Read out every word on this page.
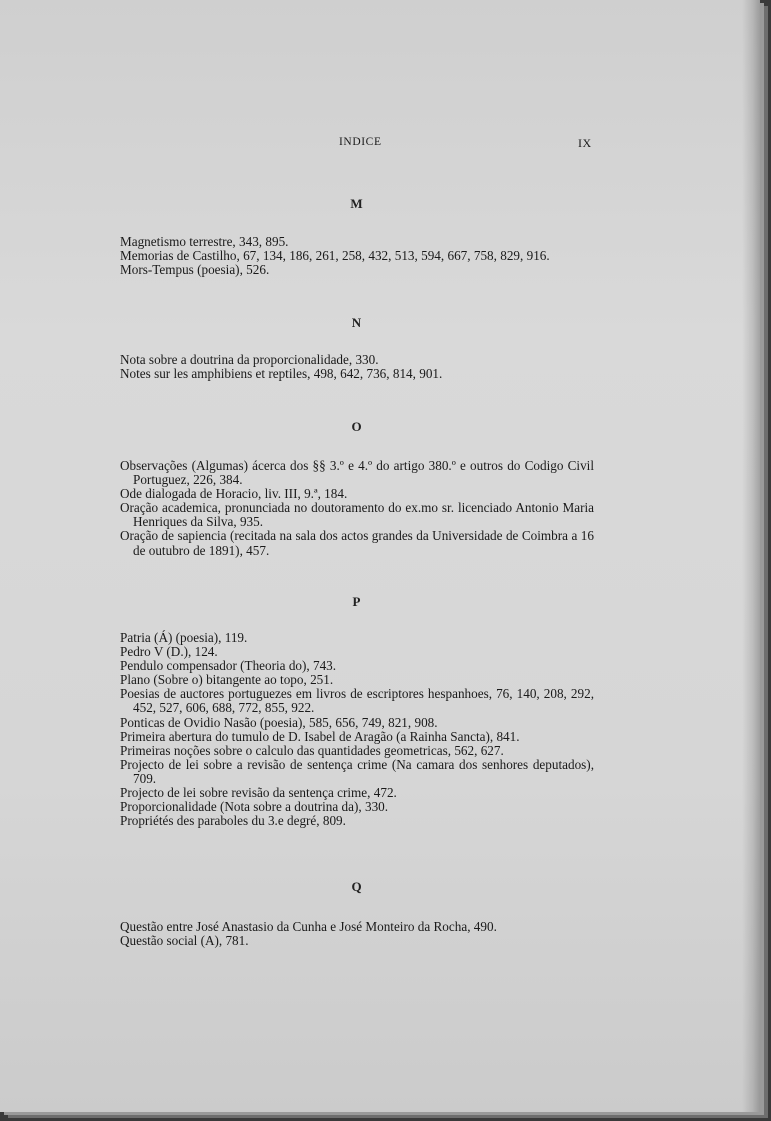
INDICE	IX
M
Magnetismo terrestre, 343, 895.
Memorias de Castilho, 67, 134, 186, 261, 258, 432, 513, 594, 667, 758, 829, 916.
Mors-Tempus (poesia), 526.
N
Nota sobre a doutrina da proporcionalidade, 330.
Notes sur les amphibiens et reptiles, 498, 642, 736, 814, 901.
O
Observações (Algumas) ácerca dos §§ 3.º e 4.º do artigo 380.º e outros do Codigo Civil Portuguez, 226, 384.
Ode dialogada de Horacio, liv. III, 9.ª, 184.
Oração academica, pronunciada no doutoramento do ex.mo sr. licenciado Antonio Maria Henriques da Silva, 935.
Oração de sapiencia (recitada na sala dos actos grandes da Universidade de Coimbra a 16 de outubro de 1891), 457.
P
Patria (Á) (poesia), 119.
Pedro V (D.), 124.
Pendulo compensador (Theoria do), 743.
Plano (Sobre o) bitangente ao topo, 251.
Poesias de auctores portuguezes em livros de escriptores hespanhoes, 76, 140, 208, 292, 452, 527, 606, 688, 772, 855, 922.
Ponticas de Ovidio Nasão (poesia), 585, 656, 749, 821, 908.
Primeira abertura do tumulo de D. Isabel de Aragão (a Rainha Sancta), 841.
Primeiras noções sobre o calculo das quantidades geometricas, 562, 627.
Projecto de lei sobre a revisão de sentença crime (Na camara dos senhores deputados), 709.
Projecto de lei sobre revisão da sentença crime, 472.
Proporcionalidade (Nota sobre a doutrina da), 330.
Propriétés des paraboles du 3.e degré, 809.
Q
Questão entre José Anastasio da Cunha e José Monteiro da Rocha, 490.
Questão social (A), 781.
